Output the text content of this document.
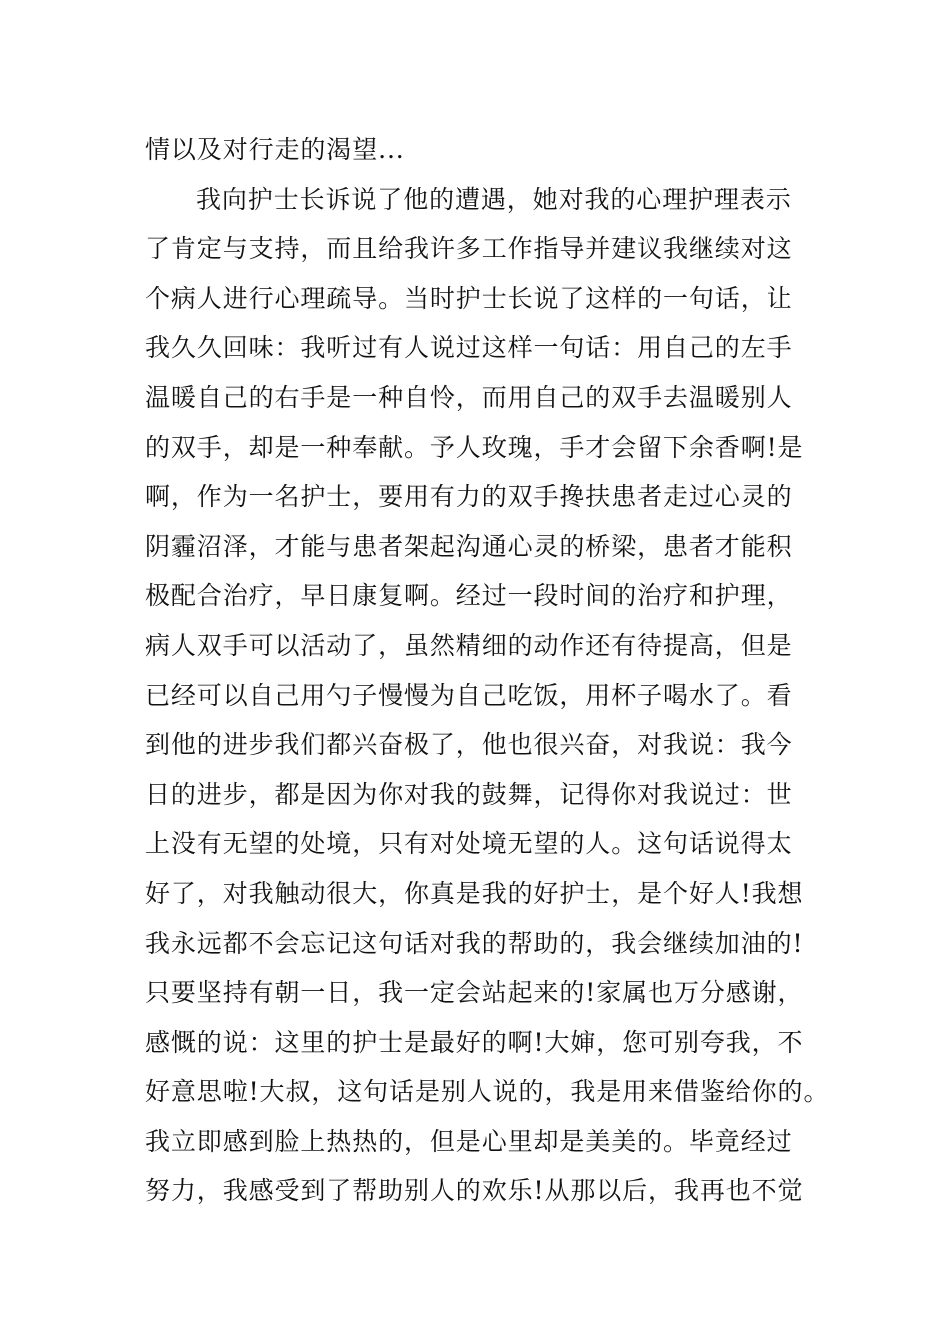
情以及对行走的渴望...
我向护士长诉说了他的遭遇，她对我的心理护理表示
了肯定与支持，而且给我许多工作指导并建议我继续对这
个病人进行心理疏导。当时护士长说了这样的一句话，让
我久久回味：我听过有人说过这样一句话：用自己的左手
温暖自己的右手是一种自怜，而用自己的双手去温暖别人
的双手，却是一种奉献。予人玫瑰，手才会留下余香啊!是
啊，作为一名护士，要用有力的双手搀扶患者走过心灵的
阴霾沼泽，才能与患者架起沟通心灵的桥梁，患者才能积
极配合治疗，早日康复啊。经过一段时间的治疗和护理，
病人双手可以活动了，虽然精细的动作还有待提高，但是
已经可以自己用勺子慢慢为自己吃饭，用杯子喝水了。看
到他的进步我们都兴奋极了，他也很兴奋，对我说：我今
日的进步，都是因为你对我的鼓舞，记得你对我说过：世
上没有无望的处境，只有对处境无望的人。这句话说得太
好了，对我触动很大，你真是我的好护士，是个好人!我想
我永远都不会忘记这句话对我的帮助的，我会继续加油的!
只要坚持有朝一日，我一定会站起来的!家属也万分感谢，
感慨的说：这里的护士是最好的啊!大婶，您可别夸我，不
好意思啦!大叔，这句话是别人说的，我是用来借鉴给你的。
我立即感到脸上热热的，但是心里却是美美的。毕竟经过
努力，我感受到了帮助别人的欢乐!从那以后，我再也不觉
